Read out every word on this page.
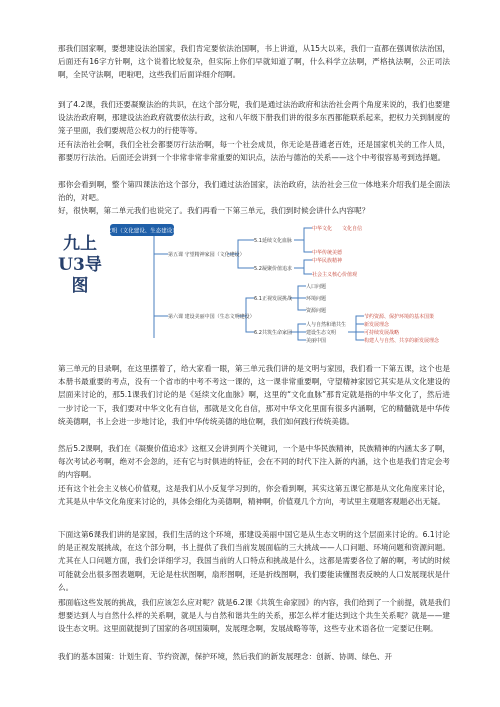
那我们国家啊，要想建设法治国家，我们肯定要依法治国啊，书上讲道，从15大以来，我们一直都在强调依法治国，后面还有16字方针啊，这个说着比较复杂，但实际上你们早就知道了啊，什么科学立法啊，严格执法啊，公正司法啊，全民守法啊，吧啦吧，这些我们后面详细介绍啊。

到了4.2课，我们还要凝聚法治的共识，在这个部分呢，我们是通过法治政府和法治社会两个角度来说的，我们也要建设法治政府啊，那建设法治政府就要依法行政，这和八年级下册我们讲的很多东西都能联系起来，把权力关到制度的笼子里面，我们要规范公权力的行使等等。

还有法治社会啊，我们全社会都要厉行法治啊，每一个社会成员，你无论是普通老百姓，还是国家机关的工作人员，都要厉行法治。后面还会讲到一个非常非常非常重要的知识点，法治与德治的关系——这个中考很容易考到选择题。

那你会看到啊，整个第四课法治这个部分，我们通过法治国家，法治政府，法治社会三位一体地来介绍我们是全面法治的，对吧。

好，很快啊，第二单元我们也说完了。我们再看一下第三单元，我们到时候会讲什么内容呢？

九上U3导图
文明（文化建设、生态建设）
第五课 守望精神家园（文化建设）
5.1延续文化血脉
中华文化 文化自信
中华传统美德
5.2凝聚价值追求
中华民族精神
社会主义核心价值观
第六课 建设美丽中国（生态文明建设）
6.1正视发展挑战
人口问题
环境问题
资源问题
6.2共筑生命家园
人与自然和谐共生
建设生态文明
美丽中国
节约资源、保护环境的基本国策
新发展理念
可持续发展战略
构建人与自然、共享的新发展理念

第三单元的目录啊，在这里摆着了，给大家看一眼，第三单元我们讲的是文明与家园，我们看一下第五课，这个也是本册书最重要的考点，没有一个省市的中考不考这一课的，这一课非常重要啊，守望精神家园它其实是从文化建设的层面来讨论的，那5.1课我们讨论的是《延续文化血脉》啊，这里的“文化血脉”那肯定就是指的中华文化了，然后进一步讨论一下，我们要对中华文化有自信，那就是文化自信，那对中华文化里面有很多内涵啊，它的精髓就是中华传统美德啊，书上会进一步地讨论，我们中华传统美德的地位啊，我们如何践行传统美德。

然后5.2课啊，我们在《凝聚价值追求》这框又会讲到两个关键词，一个是中华民族精神，民族精神的内涵太多了啊，每次考试必考啊，绝对不会忽的，还有它与时俱进的特征，会在不同的时代下注入新的内涵，这个也是我们肯定会考的内容啊。

还有这个社会主义核心价值观，这是我们从小反复学习到的，你会看到啊，其实这第五课它都是从文化角度来讨论，尤其是从中华文化角度来讨论的，具体会细化为美德啊，精神啊，价值观几个方向，考试里主观题客观题必出无疑。

下面这第6课我们讲的是家园，我们生活的这个环境，那建设美丽中国它是从生态文明的这个层面来讨论的。6.1讨论的是正视发展挑战，在这个部分啊，书上提供了我们当前发展面临的三大挑战——人口问题、环境问题和资源问题。尤其在人口问题方面，我们会详细学习，我国当前的人口特点和挑战是什么，这都是需要各位了解的啊，考试的时候可能就会出很多图表题啊，无论是柱状图啊，扇形图啊，还是折线图啊，我们要能读懂图表反映的人口发展现状是什么。

那面临这些发展的挑战，我们应该怎么应对呢？就是6.2课《共筑生命家园》的内容，我们给到了一个前提，就是我们想要达到人与自然什么样的关系啊，就是人与自然和谐共生的关系，那怎么样才能达到这个共生关系呢？就是——建设生态文明。这里面就提到了国家的各项国策啊，发展理念啊，发展战略等等，这些专业术语各位一定要记住啊。

我们的基本国策：计划生育、节约资源，保护环境，然后我们的新发展理念：创新、协调、绿色、开
